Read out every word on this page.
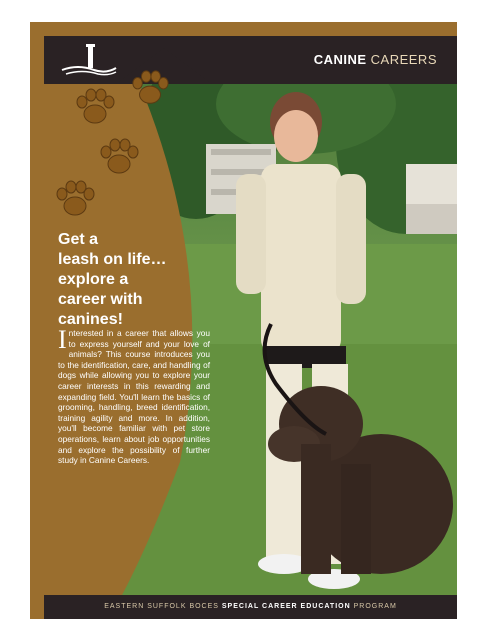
CANINE CAREERS
Get a
leash on life…
explore a
career with
canines!
Interested in a career that allows you to express yourself and your love of animals? This course introduces you to the identification, care, and handling of dogs while allowing you to explore your career interests in this rewarding and expanding field. You'll learn the basics of grooming, handling, breed identification, training agility and more. In addition, you'll become familiar with pet store operations, learn about job opportunities and explore the possibility of further study in Canine Careers.
EASTERN SUFFOLK BOCES SPECIAL CAREER EDUCATION PROGRAM
